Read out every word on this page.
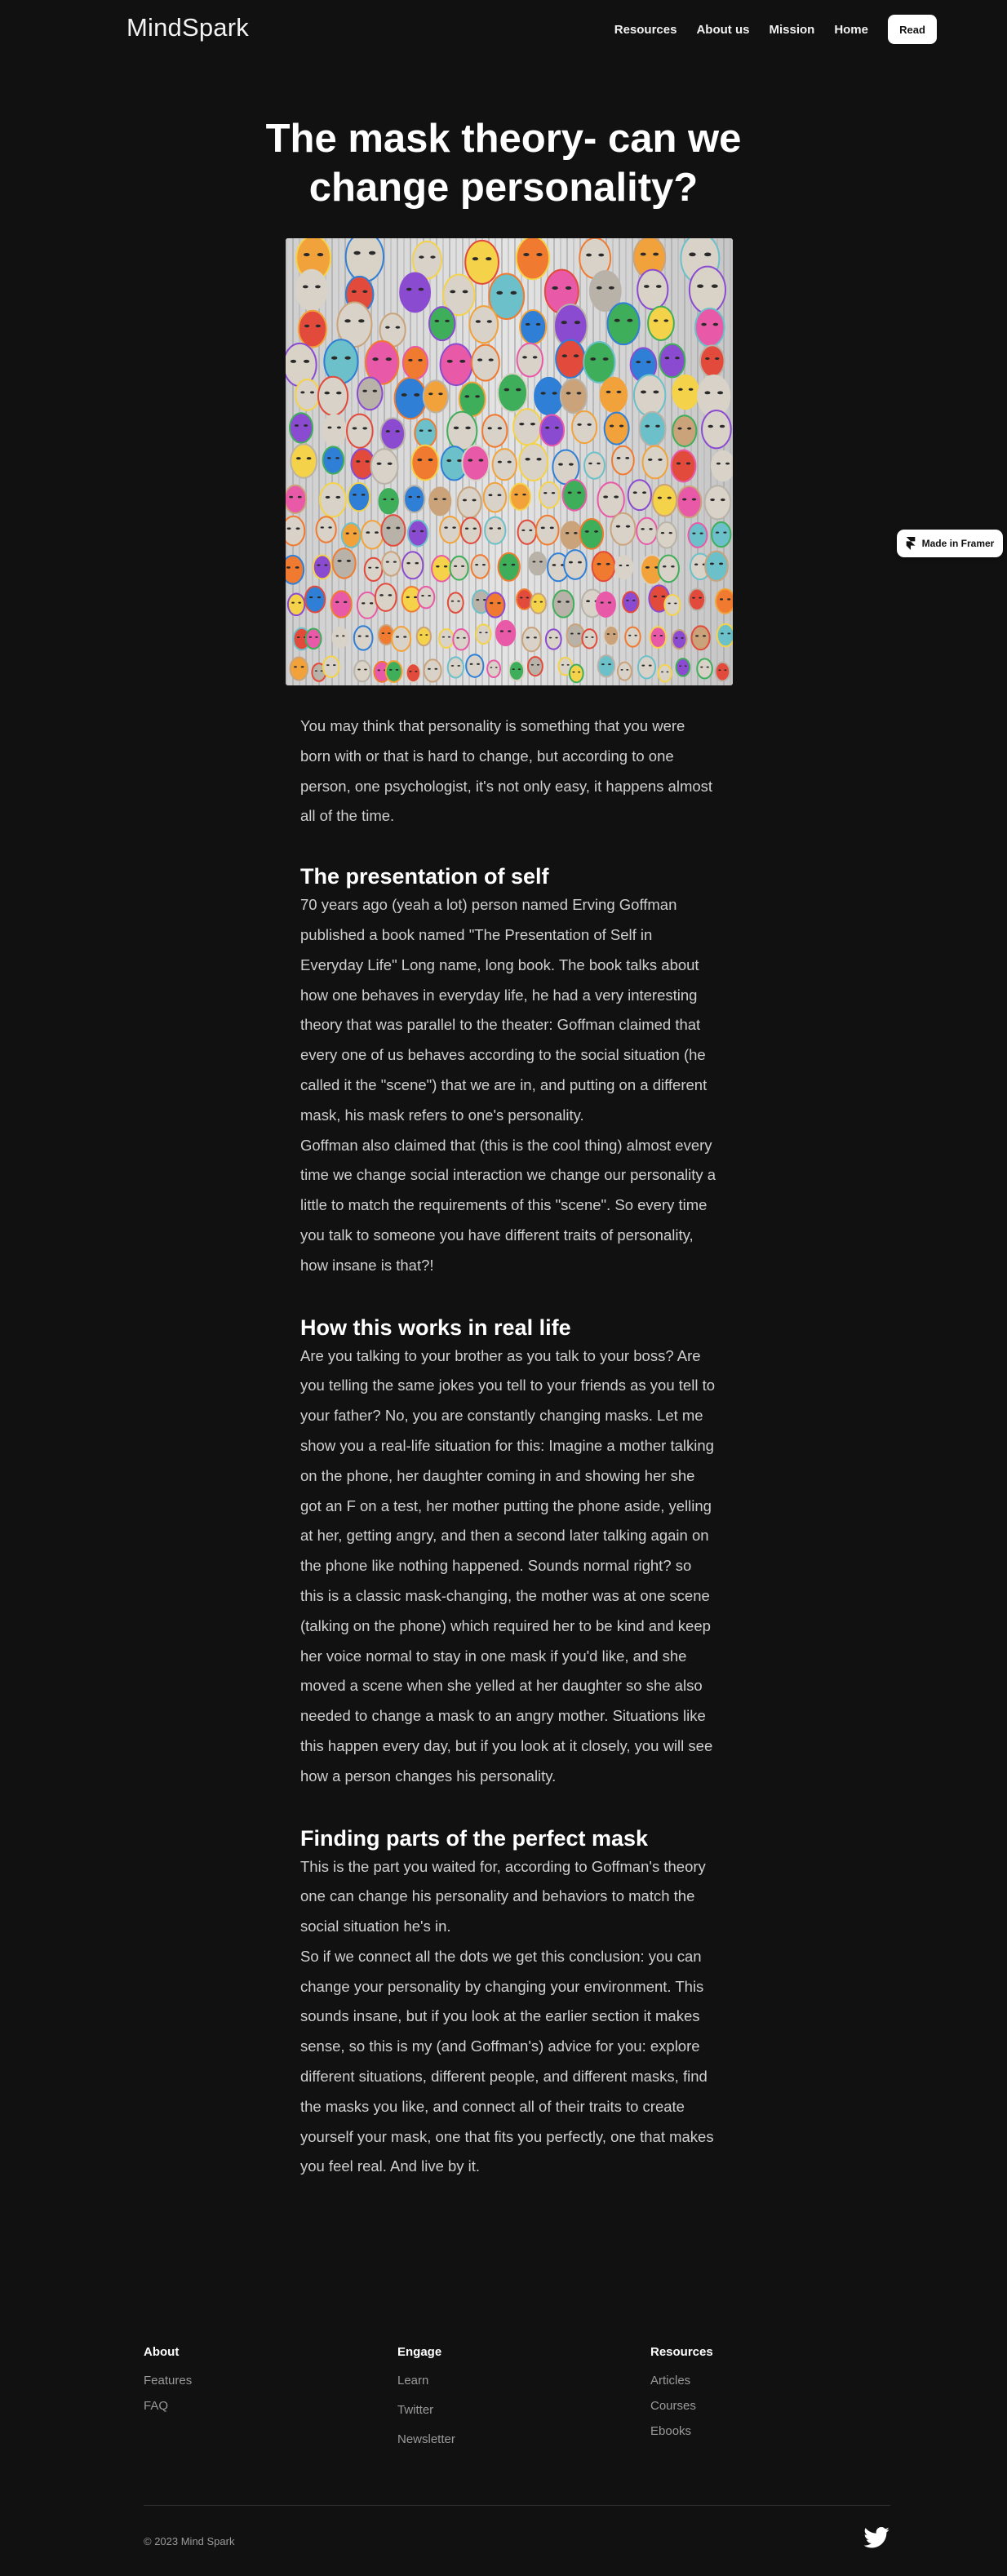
MindSpark	Resources About us Mission Home	Read
The mask theory- can we change personality?
Made in Framer

You may think that personality is something that you were born with or that is hard to change, but according to one person, one psychologist, it's not only easy, it happens almost all of the time.

The presentation of self

70 years ago (yeah a lot) person named Erving Goffman published a book named "The Presentation of Self in Everyday Life" Long name, long book. The book talks about how one behaves in everyday life, he had a very interesting theory that was parallel to the theater: Goffman claimed that every one of us behaves according to the social situation (he called it the "scene") that we are in, and putting on a different mask, his mask refers to one's personality.

Goffman also claimed that (this is the cool thing) almost every time we change social interaction we change our personality a little to match the requirements of this "scene". So every time you talk to someone you have different traits of personality, how insane is that?!

How this works in real life

Are you talking to your brother as you talk to your boss? Are you telling the same jokes you tell to your friends as you tell to your father? No, you are constantly changing masks. Let me show you a real-life situation for this: Imagine a mother talking on the phone, her daughter coming in and showing her she got an F on a test, her mother putting the phone aside, yelling at her, getting angry, and then a second later talking again on the phone like nothing happened. Sounds normal right? so this is a classic mask-changing, the mother was at one scene (talking on the phone) which required her to be kind and keep her voice normal to stay in one mask if you'd like, and she moved a scene when she yelled at her daughter so she also needed to change a mask to an angry mother. Situations like this happen every day, but if you look at it closely, you will see how a person changes his personality.

Finding parts of the perfect mask

This is the part you waited for, according to Goffman's theory one can change his personality and behaviors to match the social situation he's in.

So if we connect all the dots we get this conclusion: you can change your personality by changing your environment. This sounds insane, but if you look at the earlier section it makes sense, so this is my (and Goffman's) advice for you: explore different situations, different people, and different masks, find the masks you like, and connect all of their traits to create yourself your mask, one that fits you perfectly, one that makes you feel real. And live by it.

About
Features
FAQ
Engage
Learn
Twitter
Newsletter
Resources
Articles
Courses
Ebooks
© 2023 Mind Spark
